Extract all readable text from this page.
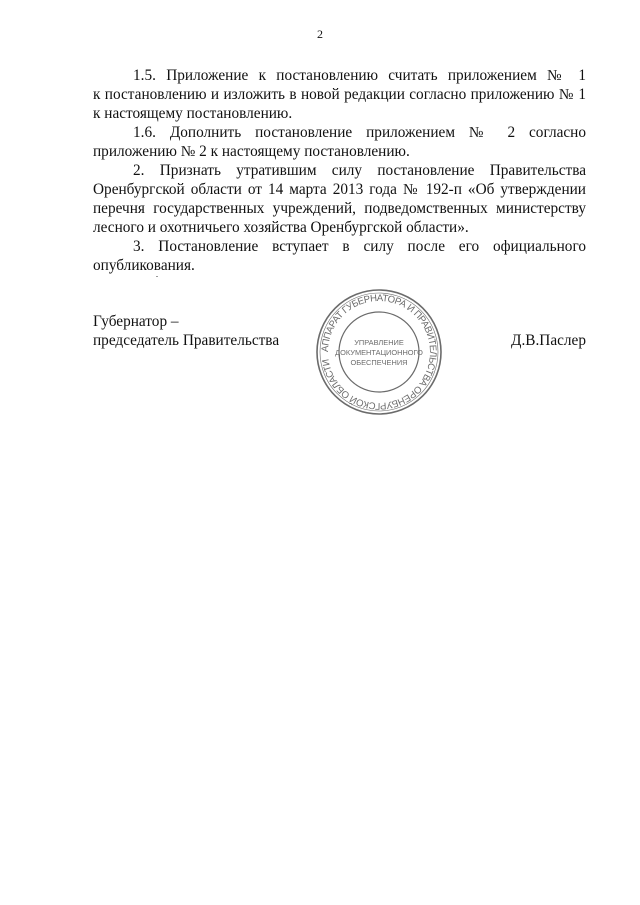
2

1.5. Приложение к постановлению считать приложением № 1
к постановлению и изложить в новой редакции согласно приложению № 1
к настоящему постановлению.

1.6. Дополнить постановление приложением № 2 согласно
приложению № 2 к настоящему постановлению.

2. Признать утратившим силу постановление Правительства
Оренбургской области от 14 марта 2013 года № 192-п «Об утверждении
перечня государственных учреждений, подведомственных министерству
лесного и охотничьего хозяйства Оренбургской области».

3. Постановление вступает в силу после его официального
опубликования.

Губернатор –
председатель Правительства	Д.В.Паслер
АППАРАТ ГУБЕРНАТОРА И ПРАВИТЕЛЬСТВА ОРЕНБУРГСКОЙ ОБЛАСТИ
УПРАВЛЕНИЕ
ДОКУМЕНТАЦИОННОГО
ОБЕСПЕЧЕНИЯ
